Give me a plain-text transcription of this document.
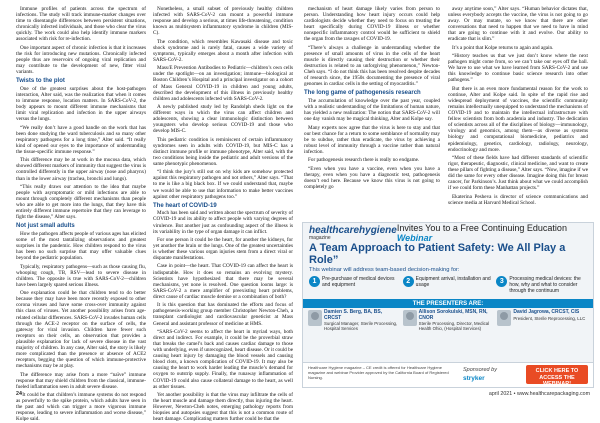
Immune profiles of patients across the spectrum of infections. The study will track immune-marker changes over time to disentangle differences between persistent situations, chronically infected individuals, and those who clear the virus quickly. The work could also help identify immune markers associated with risk for re-infection.

One important aspect of chronic infection is that it increases the risk for introducing new mutations. Chronically infected people thus are reservoirs of ongoing viral replication and may contribute to the development of new, fitter viral variants.

Twists to the plot

One of the greatest surprises about the host-pathogen interaction, Alter said, was the realization that when it comes to immune response, location matters. In SARS-CoV-2, the body appears to mount different immune mechanisms that limit viral replication and infection in the upper airways versus the lungs.

“We really don’t have a good handle on the work that has been done studying the ward tuberculosis and so many other respiratory pathogens for a long time,” Alter said. “It really kind of opened our eyes to the importance of understanding the tissue-specific immune response.”

This difference may be at work in the mucosa data, which showed different markers of immunity that suggest the virus is controlled differently in the upper airway (nose and pharynx) than in the lower airway (trachea, bronchi and lungs).

“This really draws our attention to the idea that maybe people with asymptomatic or mild infections are able to mount through completely different mechanisms than people who are able to get more into the lungs, that they have this entirely different immune repertoire that they can leverage to fight the disease,” Alter says.

Not just small adults

How the pathogen affects people of various ages has elicited some of the most tantalizing observations and greatest surprises in the pandemic. How children respond to the virus has been no such surprise that may offer valuable clues beyond the pediatric population.

Typically, respiratory pathogens—such as those causing flu, whooping cough, TB, RSV—lead to severe disease in children. The opposite is true with SARS-CoV-2—children have been largely spared serious illness.

One explanation could be that children tend to do better because they may have been more recently exposed to other corona viruses and have some cross-over immunity against this class of viruses. Yet another possibility arises from age-related cellular differences. SARS-CoV-2 invades human cells through the ACE-2 receptor on the surface of cells, the gateway for viral invasion. Children have fewer such receptors on their cells, an observation that provides a plausible explanation for lack of severe disease in the vast majority of children. In any case, Alter said, the story is likely more complicated than the presence or absence of ACE2 receptors, begging the question of which immune-protective mechanisms may be at play.

The difference may arise from a more “naïve” immune response that may shield children from the classical, immune-fueled inflammation seen in adult severe disease.

“It could be that children’s immune systems do not respond as powerfully to the spike protein, which adults have seen in the past and which can trigger a more vigorous immune response, leading to severe inflammation and worse disease,” Kolpe said.

Nonetheless, a small subset of previously healthy children infected with SARS-CoV-2 can mount a powerful immune response and develop a serious, at times life-threatening, condition known as multisystem inflammatory syndrome in children (MIS-C).

The condition, which resembles Kawasaki disease and toxic shock syndrome and is rarely fatal, causes a wide variety of symptoms, typically emerges about a month after infection with SARS-CoV-2.

Mass/E Prevention Antibodies to Pediatric—children’s own cells under the spotlight—on an investigation; immune—biological at Boston Children’s Hospital and a principal investigator on a cohort of Mass General COVID-19 in children and young adults, described the development of this illness in previously healthy children and adolescents infected with SARS-CoV-2.

A newly published study led by Randolph sheds light on the different ways in which the virus can affect children and adolescents, showing a clear immunologic distinction between youngsters who develop serious COVID-19 and those who develop MIS-C.

This pediatric condition is reminiscent of certain inflammatory syndromes seen in adults with COVID-19, but MIS-C has a distinct immune profile or immune phenotype, Alter said, with the two conditions being inside the pediatric and adult versions of the same phenotypic phenomenon.

“I think the jury’s still out on why kids are somehow protected against this respiratory pathogen and not others,” Alter says. “That to me is like a big black box. If we could understand that, maybe we would be able to use that information to make better vaccines against other respiratory pathogens too.”

The heart of COVID-19

Much has been said and written about the spectrum of severity of COVID-19 and its ability to affect people with varying degrees of virulence. But another just as confounding aspect of the illness is its variability in the type of organ damage it can inflict.

For one person it could be the heart, for another the kidneys, for yet another the brain or the lungs. One of the greatest uncertainties is whether these various organ injuries stem from a direct viral or disparate manifestations.

Case in point—the heart. That COVID-19 can affect the heart is indisputable. How it does so remains an evolving mystery. Scientists have hypothesized that there may be several mechanisms, yet none is resolved. One question looms large: is SARS-CoV-2 a mere amplifier of preexisting heart problems, direct cause of cardiac muscle demise or a combination of both?

It is this question that has dominated the efforts and focus of pathogenesis-working group member Christopher Newton-Cheh, a transplant cardiologist and cardiovascular geneticist at Mass General and assistant professor of medicine at HMS.

“SARS-CoV-2 seems to affect the heart in myriad ways, both direct and indirect. For example, it could be the proverbial straw that breaks the camel’s back and causes cardiac damage to those with underlying, even if unrecognized, heart disease. Or it could be causing heart injury by damaging the blood vessels and causing blood clots, a known complication of COVID-19. It may also be causing the heart to work harder leading the muscle’s demand for oxygen to outstrip supply. Finally, the runaway inflammation of COVID-19 could also cause collateral damage to the heart, as well as other tissues.

Yet another possibility is that the virus may infiltrate the cells of the heart muscle and damage them directly, thus injuring the heart. However, Newton-Cheh notes, emerging pathology reports from biopsies and autopsies suggest that this is not a common route of heart damage. Complicating matters further could be that the

mechanism of heart damage likely varies from person to person. Understanding how heart injury occurs could help cardiologists decide whether they need to focus on treating the heart specifically during COVID-19 illness or whether nonspecific inflammatory control would be sufficient to shield the organ from the ravages of COVID-19.

“There’s always a challenge in understanding whether the presence of small amounts of virus in the cells of the heart muscle is directly causing their destruction or whether their destruction is related to an unforgiving phenomenon,” Newton-Cheh says. “I do not think this has been resolved despite decades of research since, the 1950s documenting the presence of viral genomes in cardiac cells in the setting of myocarditis.”

The long game of pathogenesis research

The accumulation of knowledge over the past year, coupled with a realistic understanding of the limitations of human nature, has yielded a new realization: The notion that SARS-CoV-2 will one day vanish may be magical thinking, Alter and Kolpe say.

Many experts now agree that the virus is here to stay and that our best chance for a return to some semblance of normality may be to subdue, rather than eradicate, the virus by achieving a robust level of immunity through a vaccine rather than natural infection.

For pathogenesis research there is really no endgame.

“Even when you have a vaccine, even when you have a therapy, even when you have a diagnostic test, pathogenesis doesn’t end here. Because we know this virus is not going to completely go

away anytime soon,” Alter says. “Human behavior dictates that, unless everybody accepts the vaccine, the virus is not going to go away. Or may mutate, so we know that there are other conversations that need to happen that we need to have in mind that are going to continue with it and evolve. Our ability to eradicate that is slim.”

It’s a point that Kolpe returns to again and again.

“History teaches us that we just don’t know where the next pathogen might come from, so we can’t take our eyes off the ball. We have to use what we have learned from SARS-CoV-2 and use this knowledge to continue basic science research into other pathogens.”

But there is an even more fundamental reason for the work to continue, Alter and Kolpe said. In spite of the rapid rise and widespread deployment of vaccines, the scientific community remains intellectually unequipped to understand the mechanisms of COVID-19 and to maintain the intellectual infrastructure with fellow scientists from both academia and industry. The dedication of scientists across all of the disciplines of biology—immunology, virology and genomics, among them—as diverse as systems biology and computational biomedicine, pediatrics and epidemiology, genetics, cardiology, radiology, neurology, endocrinology and more.

“Most of these fields have had different standards of scientific rigor, therapeutic, diagnostic, clinical medicine, and want to create these pillars of fighting a disease,” Alter says. “Now, imagine if we did the same for every other disease. Imagine doing this for breast cancer, for Parkinson’s. Just think about what we could accomplish if we could form these Manhattan projects.”

Ekaterina Pesheva is director of science communications and science media at Harvard Medical School.

healthcarehygiene
magazine
Invites You to a Free Continuing Education Webinar
A Team Approach to Patient Safety: We All Play a Role”
This webinar will address team-based decision-making for:
1	Pre-purchase of medical devices and equipment	2	Equipment arrival, installation and usage	3	Processing medical devices: the how, why and what to consider through the continuum
THE PRESENTERS ARE:
Damien S. Berg, BA, BS, CRCST
Surgical Manager, Sterile Processing, Hospital Services
Allison Sorokulski, MSN, RN, CNOR
Sterile Processing, Director, Medical Health Ohio, (Hospital Services)
David Jagrowa, CRCST, CIS
President, Sterile Reprocessing, LLC
Healthcare Hygiene magazine – CE credit is offered for Healthcare Hygiene magazine and webinar Provider approved by the California Board of Registered Nursing.
Sponsored by
stryker
CLICK HERE TO ACCESS THE WEBINAR!
24	april 2021 • www.healthcarepackaging.com
